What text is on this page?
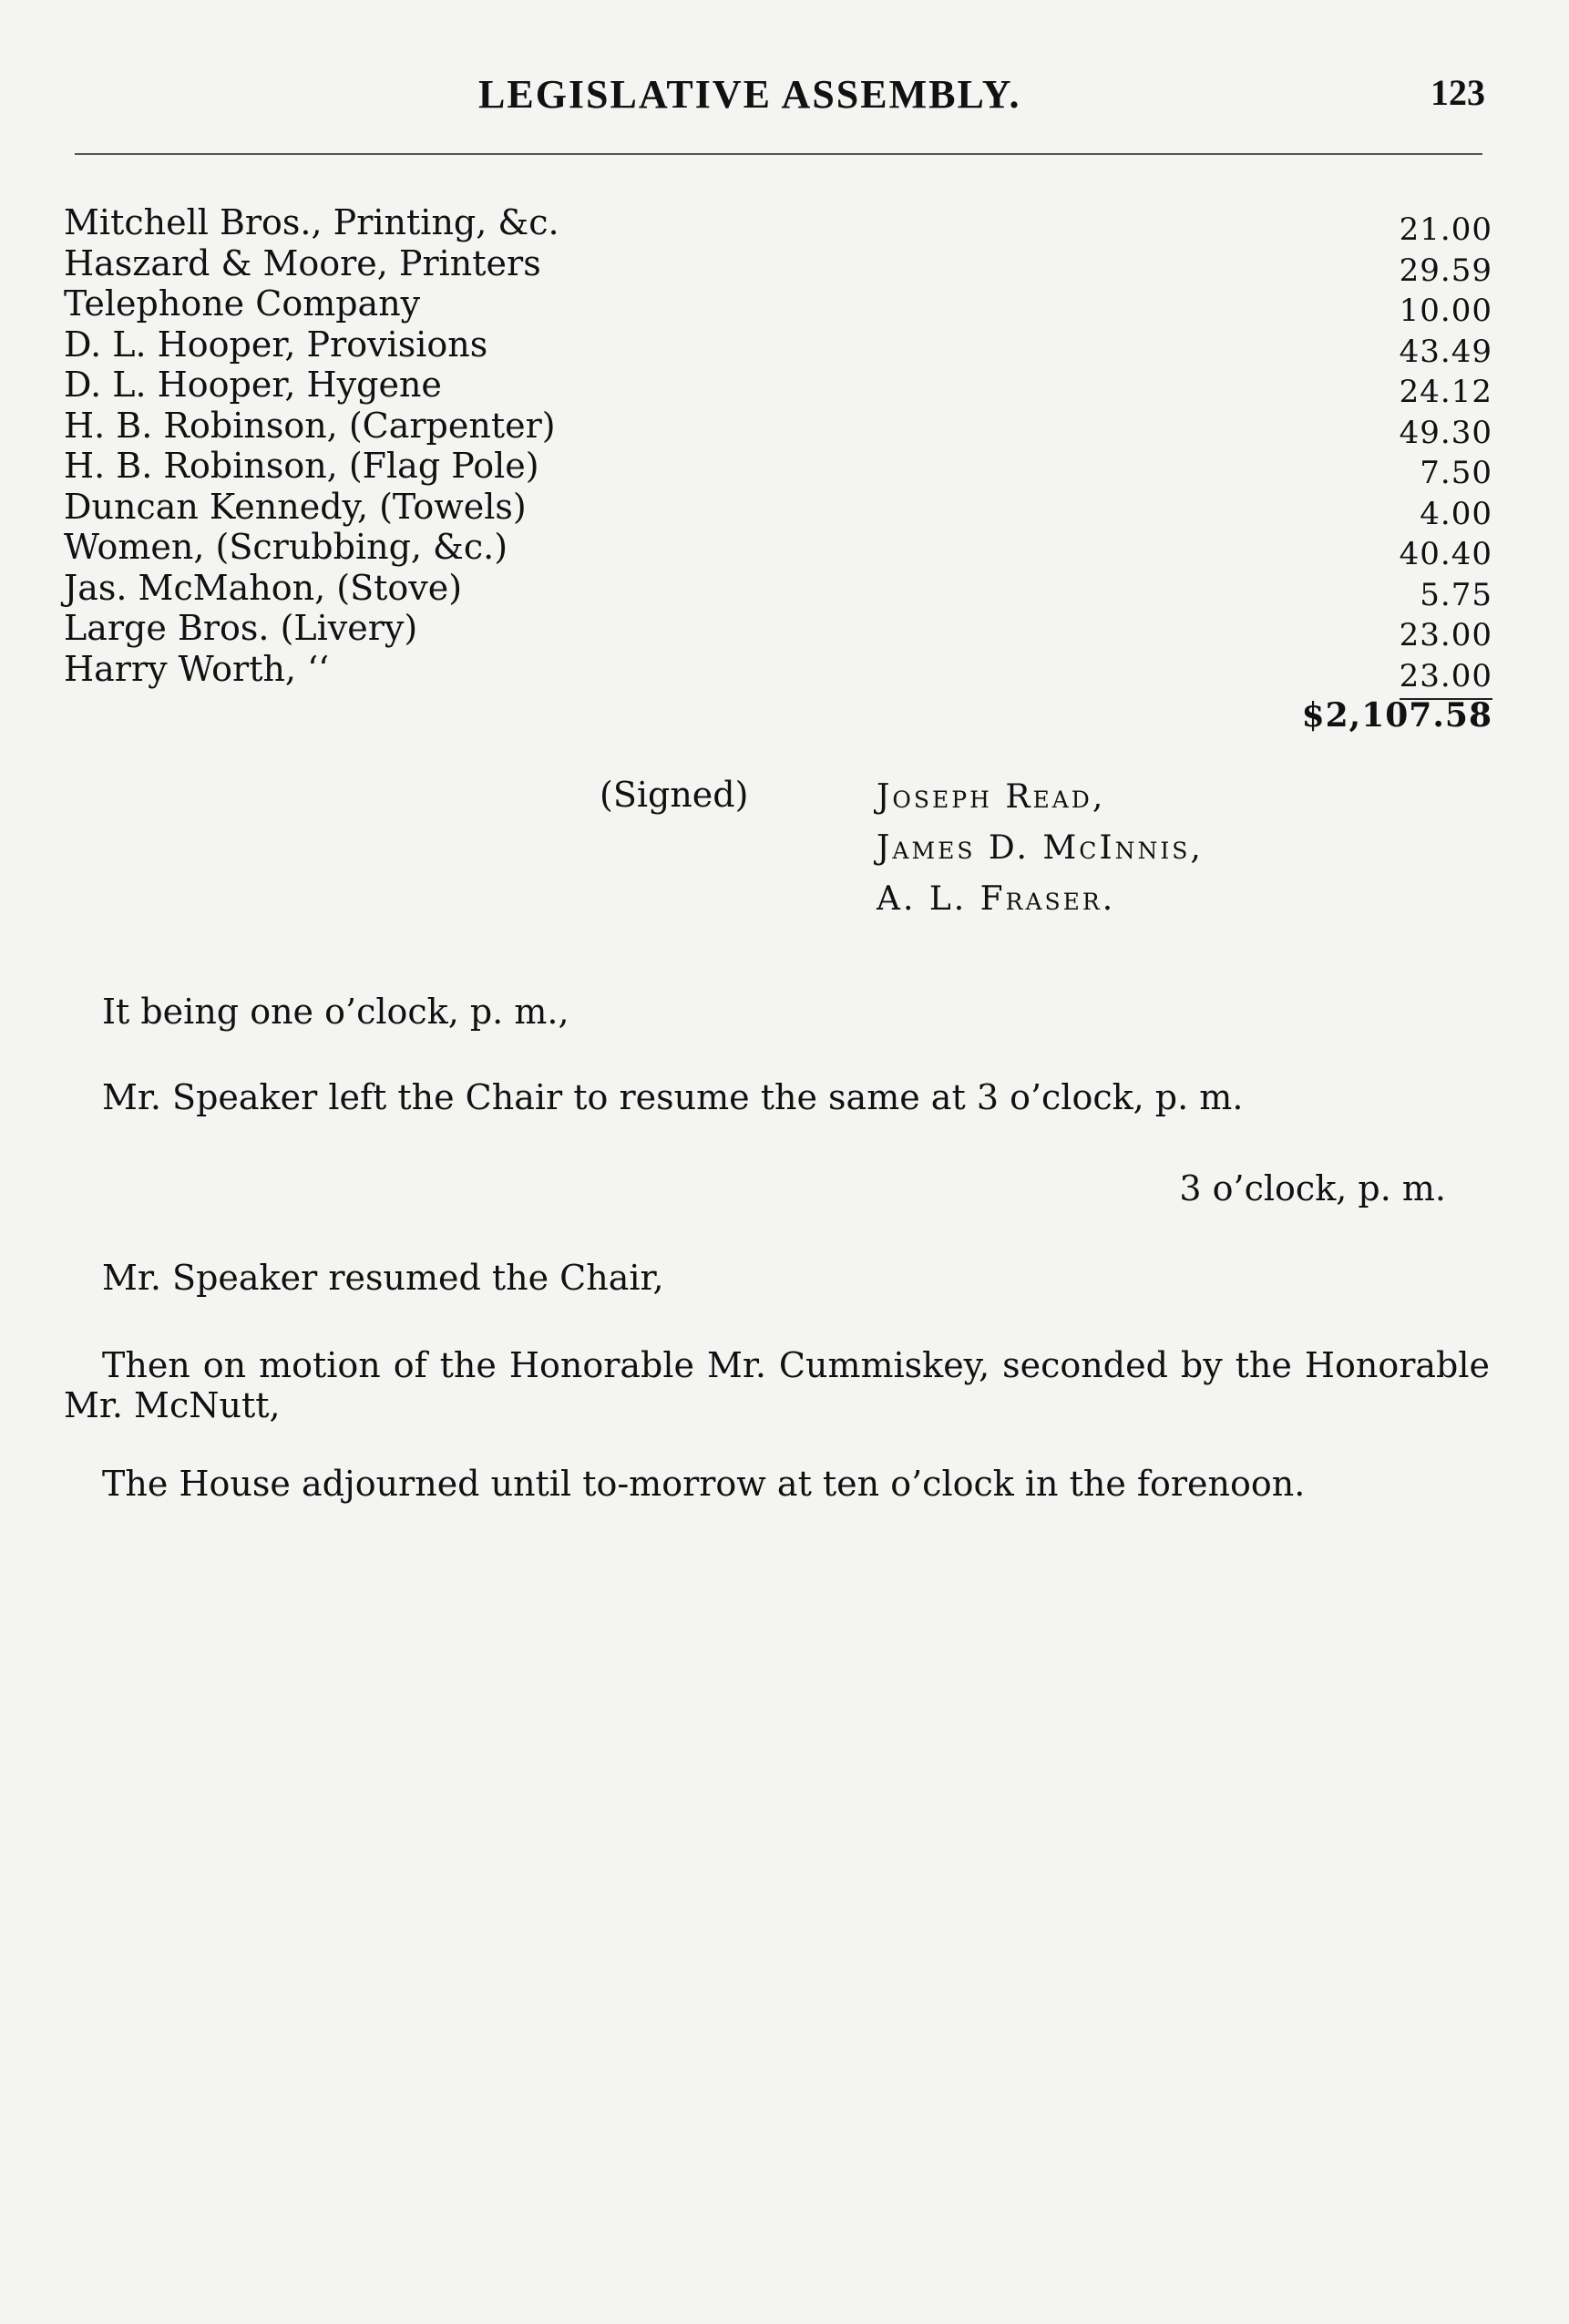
LEGISLATIVE ASSEMBLY.	123
Mitchell Bros., Printing, &c.	21.00
Haszard & Moore, Printers	29.59
Telephone Company	10.00
D. L. Hooper, Provisions	43.49
D. L. Hooper, Hygene	24.12
H. B. Robinson, (Carpenter)	49.30
H. B. Robinson, (Flag Pole)	7.50
Duncan Kennedy, (Towels)	4.00
Women, (Scrubbing, &c.)	40.40
Jas. McMahon, (Stove)	5.75
Large Bros. (Livery)	23.00
Harry Worth, ‘‘	23.00
$2,107.58
(Signed)	Joseph Read,
James D. McInnis,
A. L. Fraser.
It being one o’clock, p. m.,
Mr. Speaker left the Chair to resume the same at 3 o’clock, p. m.
3 o’clock, p. m.
Mr. Speaker resumed the Chair,
Then on motion of the Honorable Mr. Cummiskey, seconded by the Honorable Mr. McNutt,
The House adjourned until to-morrow at ten o’clock in the forenoon.
